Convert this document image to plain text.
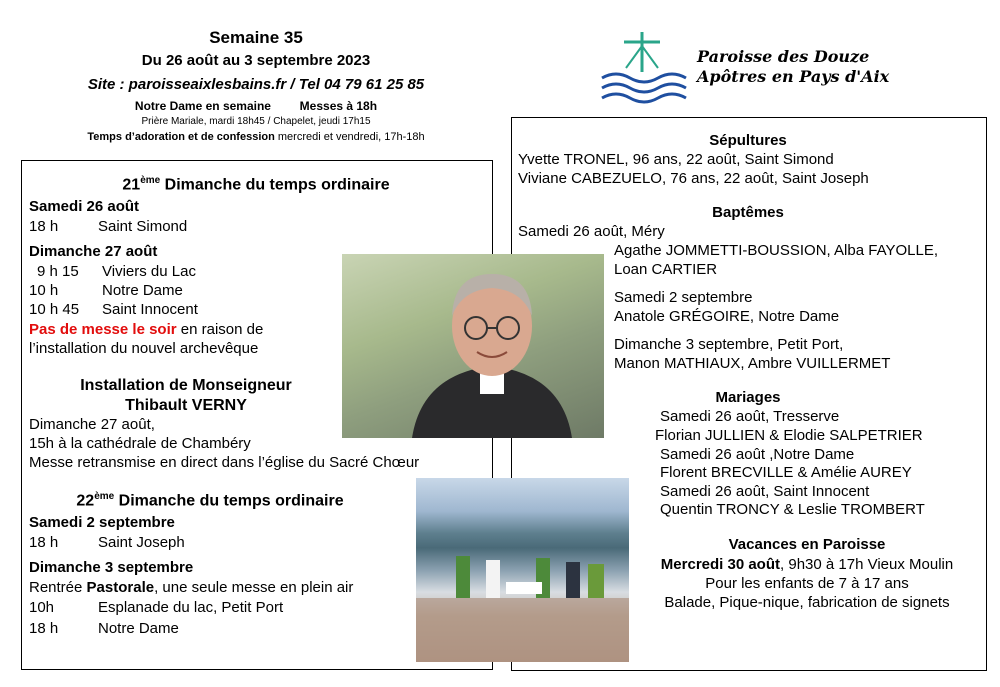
Semaine 35
Du 26 août au 3 septembre 2023
Site : paroisseaixlesbains.fr / Tel 04 79 61 25 85
Notre Dame en semaine Messes à 18h
Prière Mariale, mardi 18h45 / Chapelet, jeudi 17h15
Temps d’adoration et de confession mercredi et vendredi, 17h-18h
Paroisse des Douze
Apôtres en Pays d'Aix
21ème Dimanche du temps ordinaire
Samedi 26 août
18 h	Saint Simond
Dimanche 27 août
9 h 15 Viviers du Lac
10 h	Notre Dame
10 h 45 Saint Innocent
Pas de messe le soir en raison de
l’installation du nouvel archevêque
Installation de Monseigneur
Thibault VERNY
Dimanche 27 août,
15h à la cathédrale de Chambéry
Messe retransmise en direct dans l’église du Sacré Chœur
22ème Dimanche du temps ordinaire
Samedi 2 septembre
18 h	Saint Joseph
Dimanche 3 septembre
Rentrée Pastorale, une seule messe en plein air
10h	Esplanade du lac, Petit Port
18 h	Notre Dame
Sépultures
Yvette TRONEL, 96 ans, 22 août, Saint Simond
Viviane CABEZUELO, 76 ans, 22 août, Saint Joseph
Baptêmes
Samedi 26 août, Méry
Agathe JOMMETTI-BOUSSION, Alba FAYOLLE,
Loan CARTIER
Samedi 2 septembre
Anatole GRÉGOIRE, Notre Dame
Dimanche 3 septembre, Petit Port,
Manon MATHIAUX, Ambre VUILLERMET
Mariages
Samedi 26 août, Tresserve
Florian JULLIEN & Elodie SALPETRIER
Samedi 26 août ,Notre Dame
Florent BRECVILLE & Amélie AUREY
Samedi 26 août, Saint Innocent
Quentin TRONCY & Leslie TROMBERT
Vacances en Paroisse
Mercredi 30 août, 9h30 à 17h Vieux Moulin
Pour les enfants de 7 à 17 ans
Balade, Pique-nique, fabrication de signets
